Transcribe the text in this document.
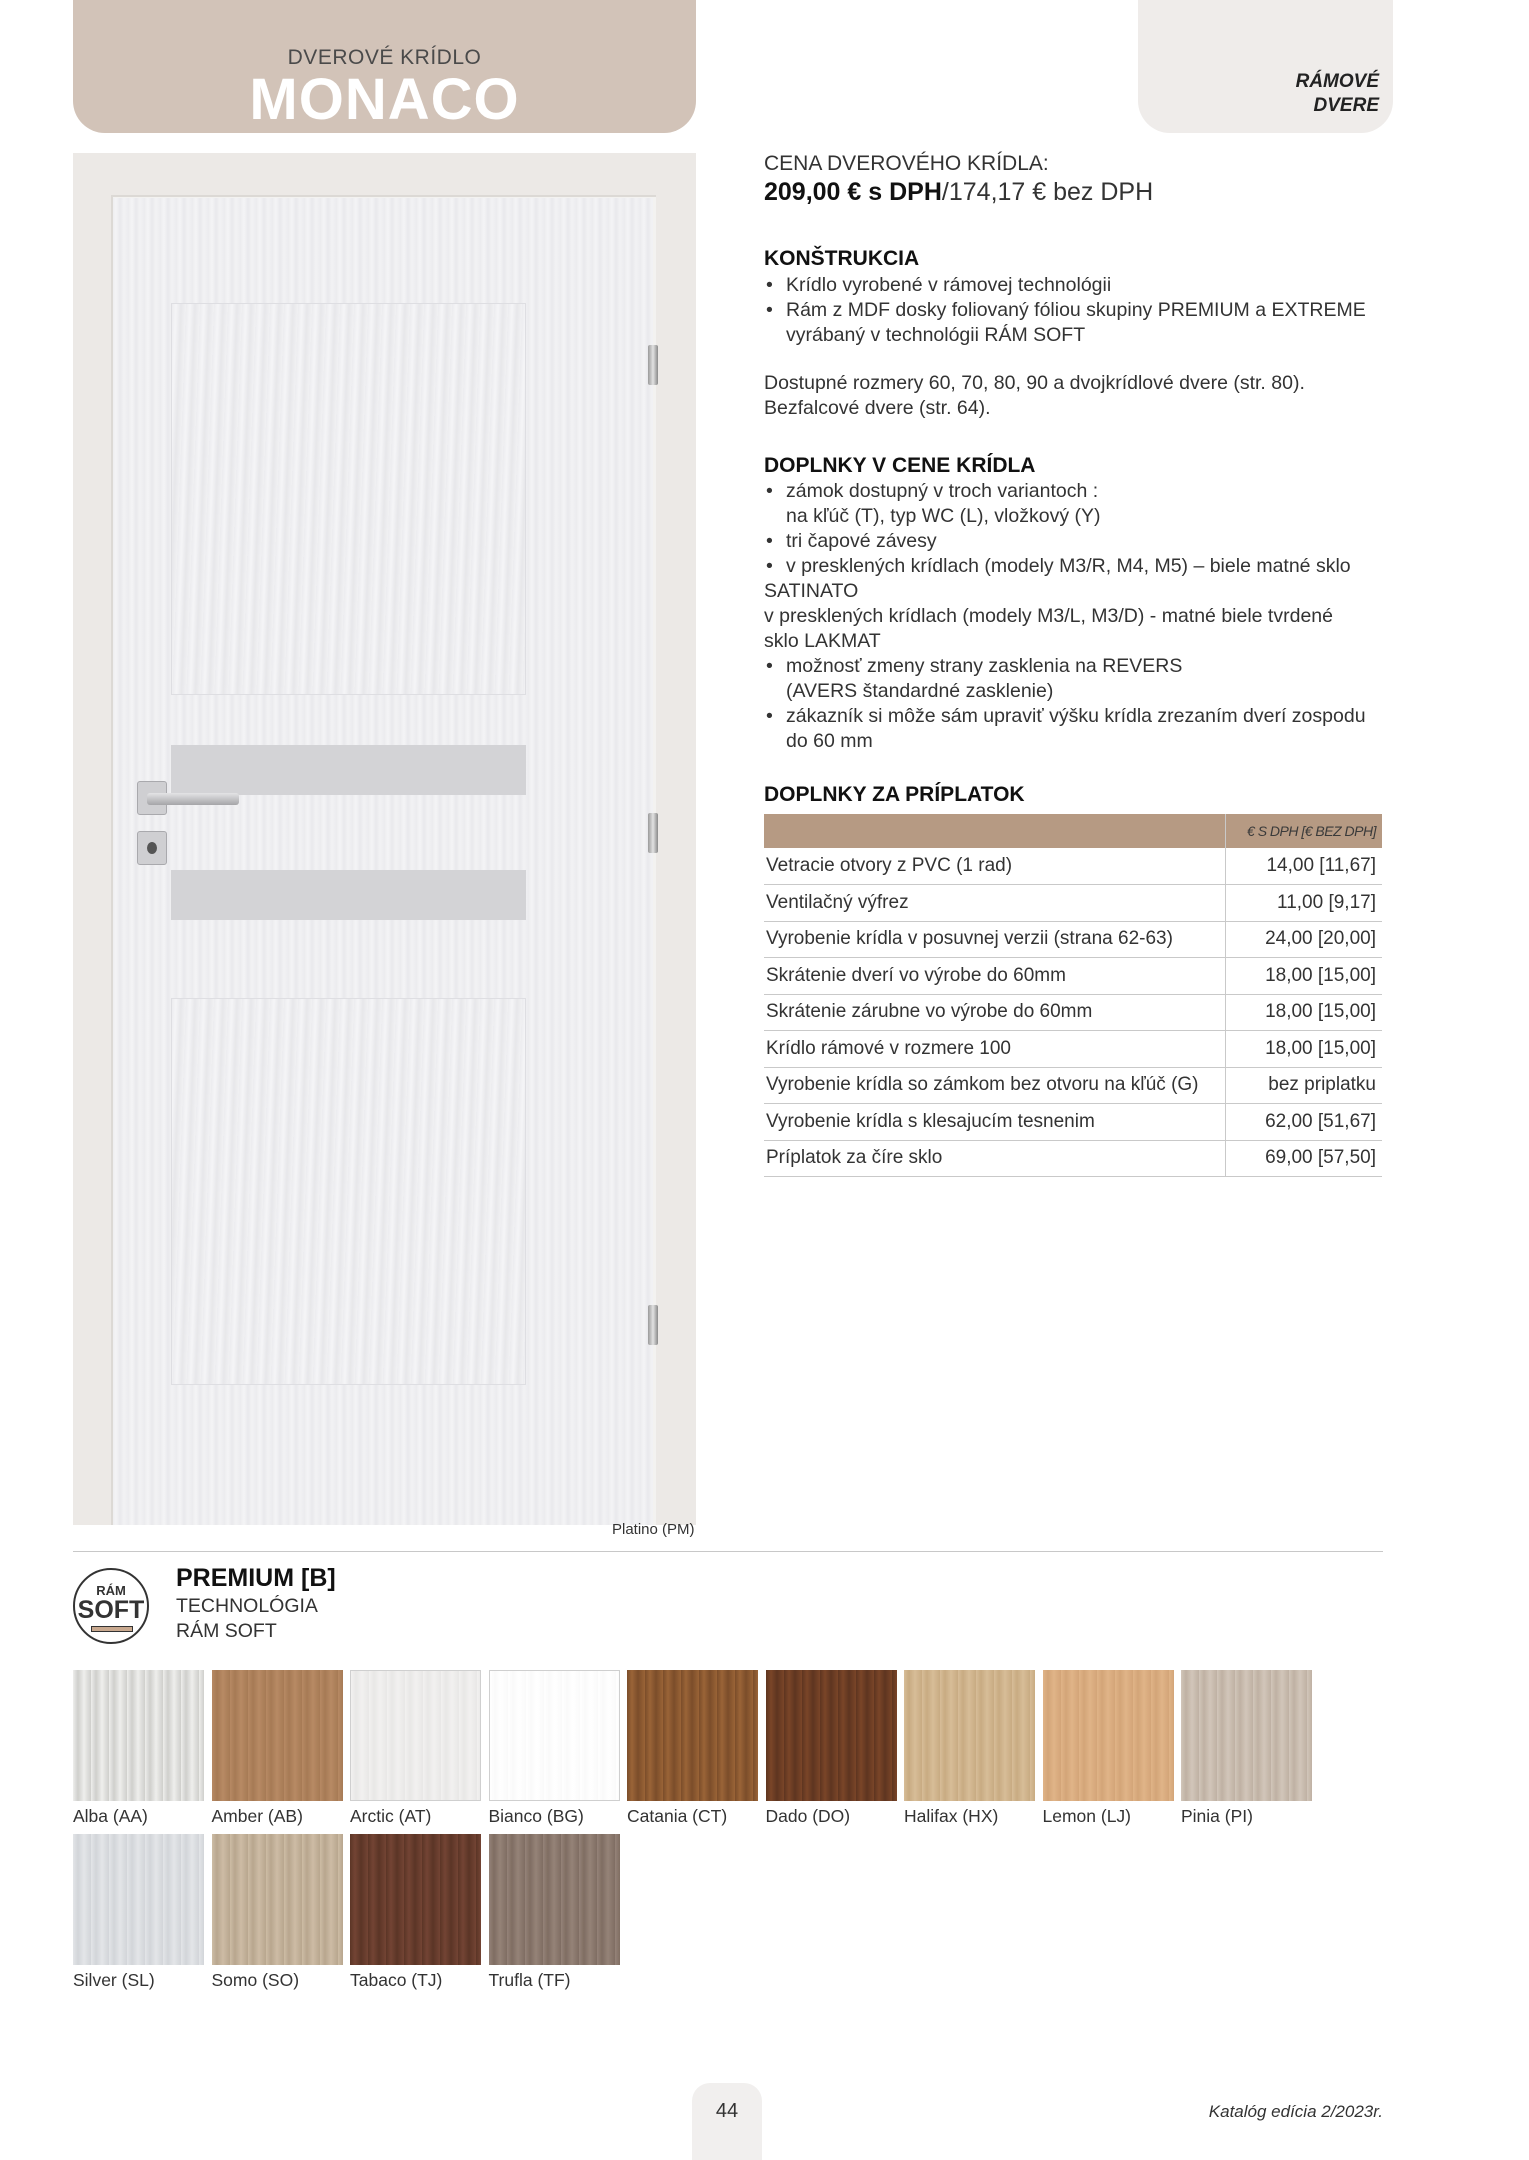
DVEROVÉ KRÍDLO
MONACO	RÁMOVÉ
DVERE
Platino (PM)
CENA DVEROVÉHO KRÍDLA:
209,00 € s DPH/174,17 € bez DPH
KONŠTRUKCIA
• Krídlo vyrobené v rámovej technológii
• Rám z MDF dosky foliovaný fóliou skupiny PREMIUM a EXTREME
vyrábaný v technológii RÁM SOFT
Dostupné rozmery 60, 70, 80, 90 a dvojkrídlové dvere (str. 80).
Bezfalcové dvere (str. 64).
DOPLNKY V CENE KRÍDLA
• zámok dostupný v troch variantoch :
na kľúč (T), typ WC (L), vložkový (Y)
• tri čapové závesy
• v presklených krídlach (modely M3/R, M4, M5) – biele matné sklo
SATINATO
v presklených krídlach (modely M3/L, M3/D) - matné biele tvrdené
sklo LAKMAT
• možnosť zmeny strany zasklenia na REVERS
(AVERS štandardné zasklenie)
• zákazník si môže sám upraviť výšku krídla zrezaním dverí zospodu
do 60 mm
DOPLNKY ZA PRÍPLATOK
	€ S DPH [€ BEZ DPH]
Vetracie otvory z PVC (1 rad)	14,00 [11,67]
Ventilačný výfrez	11,00 [9,17]
Vyrobenie krídla v posuvnej verzii (strana 62-63)	24,00 [20,00]
Skrátenie dverí vo výrobe do 60mm	18,00 [15,00]
Skrátenie zárubne vo výrobe do 60mm	18,00 [15,00]
Krídlo rámové v rozmere 100	18,00 [15,00]
Vyrobenie krídla so zámkom bez otvoru na kľúč (G)	bez priplatku
Vyrobenie krídla s klesajucím tesnenim	62,00 [51,67]
Príplatok za číre sklo	69,00 [57,50]
RÁM
SOFT
PREMIUM [B]
TECHNOLÓGIA
RÁM SOFT
Alba (AA)	Amber (AB)	Arctic (AT)	Bianco (BG) Catania (CT) Dado (DO)	Halifax (HX)	Lemon (LJ)	Pinia (PI)
Silver (SL)	Somo (SO)	Tabaco (TJ)	Trufla (TF)
44	Katalóg edícia 2/2023r.
